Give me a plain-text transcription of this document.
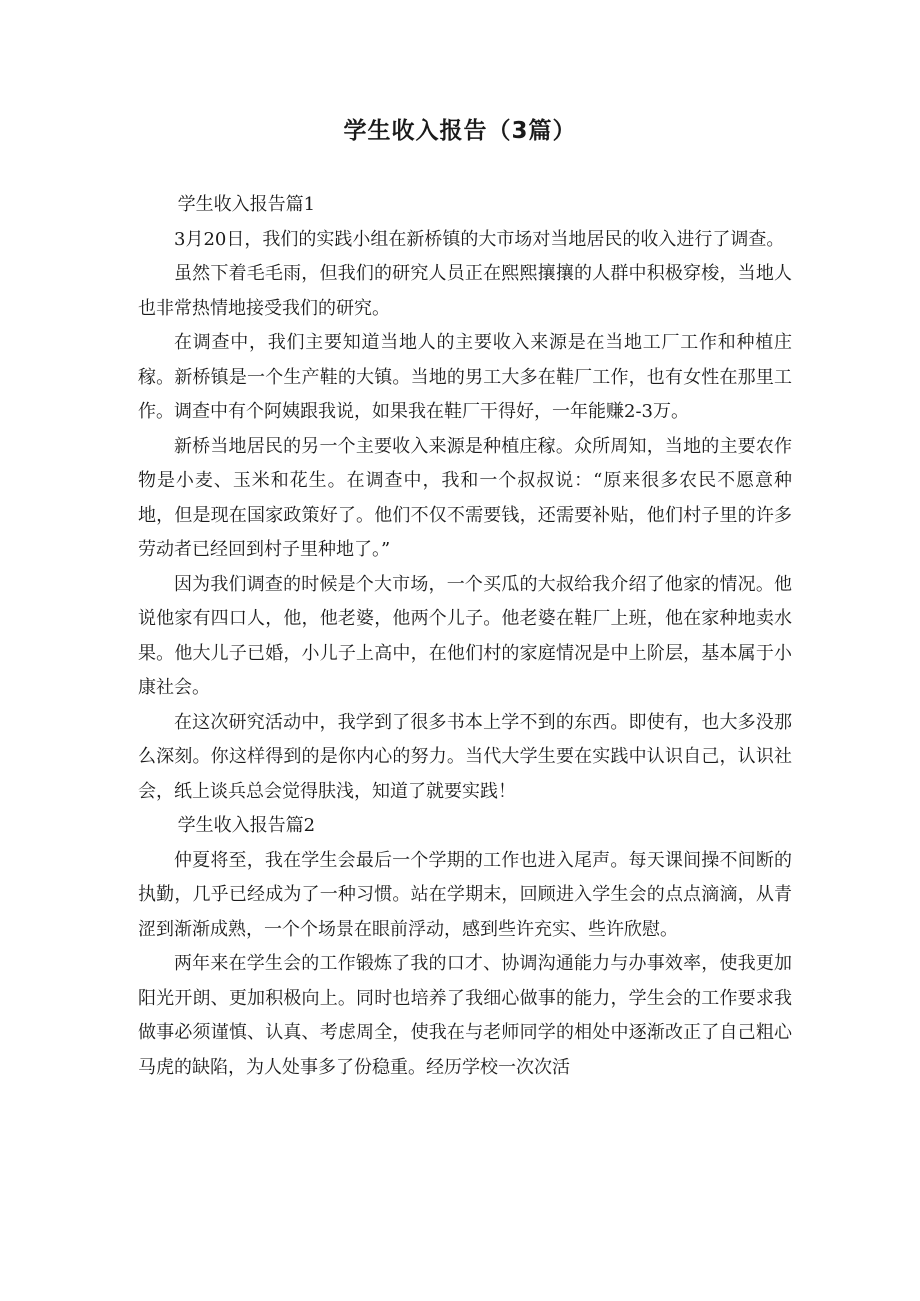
学生收入报告（3篇）

学生收入报告篇1

3月20日，我们的实践小组在新桥镇的大市场对当地居民的收入进行了调查。

虽然下着毛毛雨，但我们的研究人员正在熙熙攘攘的人群中积极穿梭，当地人也非常热情地接受我们的研究。

在调查中，我们主要知道当地人的主要收入来源是在当地工厂工作和种植庄稼。新桥镇是一个生产鞋的大镇。当地的男工大多在鞋厂工作，也有女性在那里工作。调查中有个阿姨跟我说，如果我在鞋厂干得好，一年能赚2-3万。

新桥当地居民的另一个主要收入来源是种植庄稼。众所周知，当地的主要农作物是小麦、玉米和花生。在调查中，我和一个叔叔说：“原来很多农民不愿意种地，但是现在国家政策好了。他们不仅不需要钱，还需要补贴，他们村子里的许多劳动者已经回到村子里种地了。”

因为我们调查的时候是个大市场，一个买瓜的大叔给我介绍了他家的情况。他说他家有四口人，他，他老婆，他两个儿子。他老婆在鞋厂上班，他在家种地卖水果。他大儿子已婚，小儿子上高中，在他们村的家庭情况是中上阶层，基本属于小康社会。

在这次研究活动中，我学到了很多书本上学不到的东西。即使有，也大多没那么深刻。你这样得到的是你内心的努力。当代大学生要在实践中认识自己，认识社会，纸上谈兵总会觉得肤浅，知道了就要实践！

学生收入报告篇2

仲夏将至，我在学生会最后一个学期的工作也进入尾声。每天课间操不间断的执勤，几乎已经成为了一种习惯。站在学期末，回顾进入学生会的点点滴滴，从青涩到渐渐成熟，一个个场景在眼前浮动，感到些许充实、些许欣慰。

两年来在学生会的工作锻炼了我的口才、协调沟通能力与办事效率，使我更加阳光开朗、更加积极向上。同时也培养了我细心做事的能力，学生会的工作要求我做事必须谨慎、认真、考虑周全，使我在与老师同学的相处中逐渐改正了自己粗心马虎的缺陷，为人处事多了份稳重。经历学校一次次活
